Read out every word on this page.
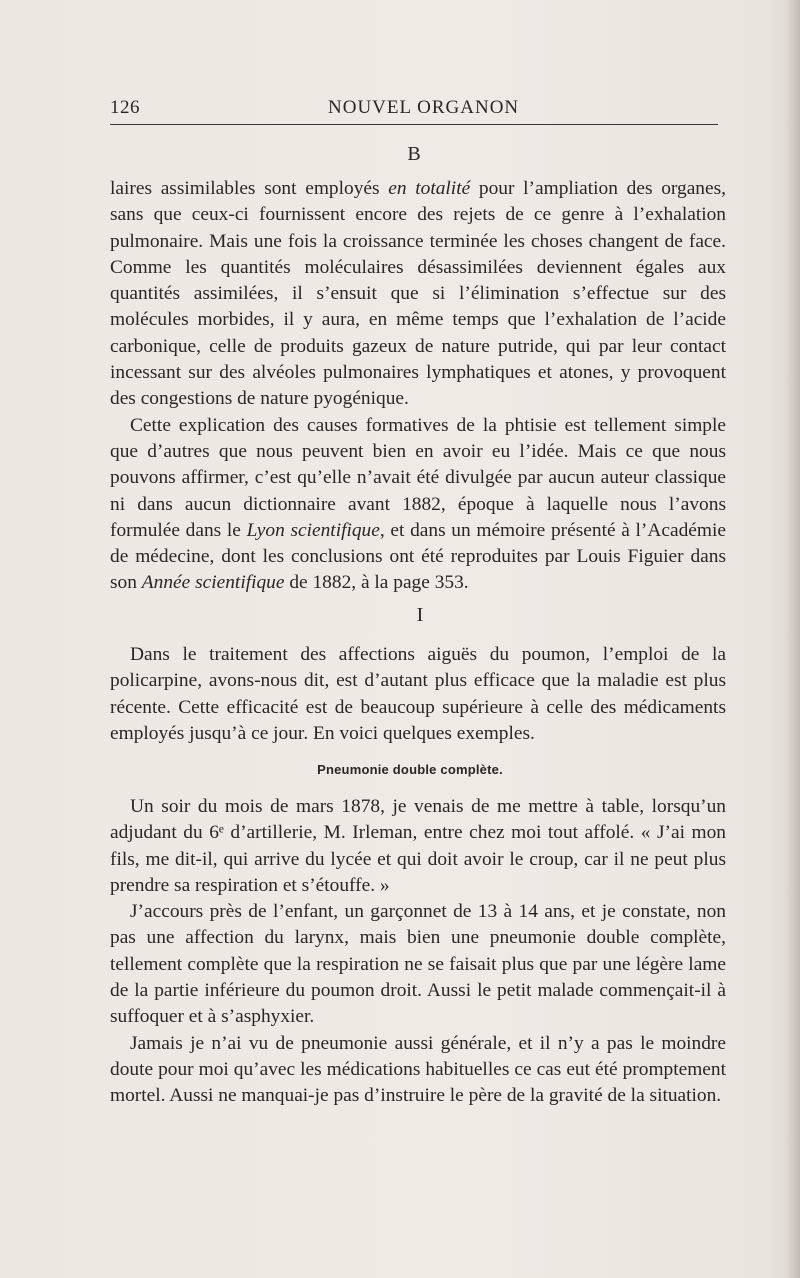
126	NOUVEL ORGANON
B

laires assimilables sont employés en totalité pour l’ampliation des organes, sans que ceux-ci fournissent encore des rejets de ce genre à l’exhalation pulmonaire. Mais une fois la croissance terminée les choses changent de face. Comme les quantités moléculaires désassimilées deviennent égales aux quantités assimilées, il s’ensuit que si l’élimination s’effectue sur des molécules morbides, il y aura, en même temps que l’exhalation de l’acide carbonique, celle de produits gazeux de nature putride, qui par leur contact incessant sur des alvéoles pulmonaires lymphatiques et atones, y provoquent des congestions de nature pyogénique.

Cette explication des causes formatives de la phtisie est tellement simple que d’autres que nous peuvent bien en avoir eu l’idée. Mais ce que nous pouvons affirmer, c’est qu’elle n’avait été divulgée par aucun auteur classique ni dans aucun dictionnaire avant 1882, époque à laquelle nous l’avons formulée dans le Lyon scientifique, et dans un mémoire présenté à l’Académie de médecine, dont les conclusions ont été reproduites par Louis Figuier dans son Année scientifique de 1882, à la page 353.

I

Dans le traitement des affections aiguës du poumon, l’emploi de la policarpine, avons-nous dit, est d’autant plus efficace que la maladie est plus récente. Cette efficacité est de beaucoup supérieure à celle des médicaments employés jusqu’à ce jour. En voici quelques exemples.

Pneumonie double complète.

Un soir du mois de mars 1878, je venais de me mettre à table, lorsqu’un adjudant du 6ᵉ d’artillerie, M. Irleman, entre chez moi tout affolé. « J’ai mon fils, me dit-il, qui arrive du lycée et qui doit avoir le croup, car il ne peut plus prendre sa respiration et s’étouffe. »

J’accours près de l’enfant, un garçonnet de 13 à 14 ans, et je constate, non pas une affection du larynx, mais bien une pneumonie double complète, tellement complète que la respiration ne se faisait plus que par une légère lame de la partie inférieure du poumon droit. Aussi le petit malade commençait-il à suffoquer et à s’asphyxier.

Jamais je n’ai vu de pneumonie aussi générale, et il n’y a pas le moindre doute pour moi qu’avec les médications habituelles ce cas eut été promptement mortel. Aussi ne manquai-je pas d’instruire le père de la gravité de la situation.
